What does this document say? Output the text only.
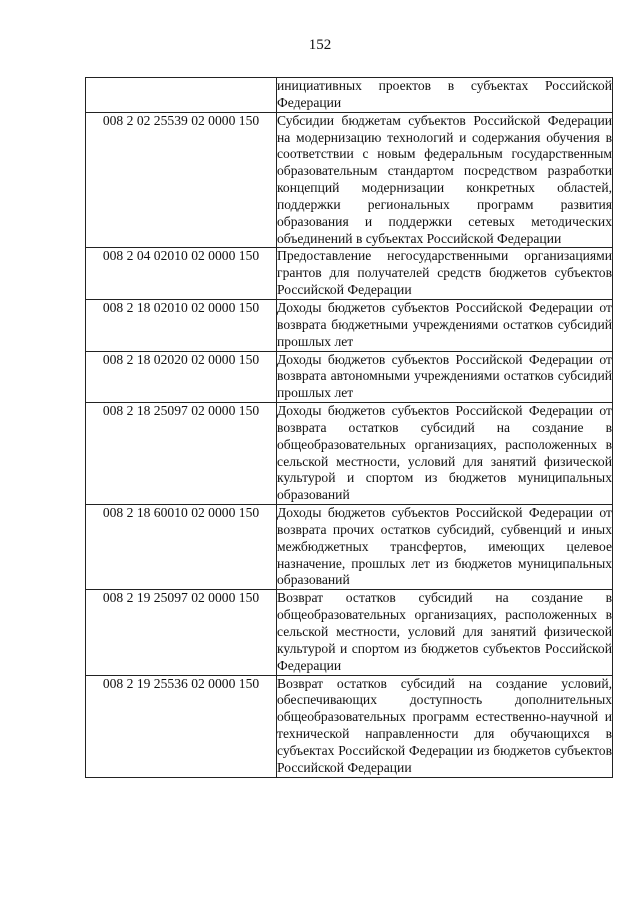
152
	инициативных проектов в субъектах Российской Федерации
008 2 02 25539 02 0000 150	Субсидии бюджетам субъектов Российской Федерации на модернизацию технологий и содержания обучения в соответствии с новым федеральным государственным образовательным стандартом посредством разработки концепций модернизации конкретных областей, поддержки региональных программ развития образования и поддержки сетевых методических объединений в субъектах Российской Федерации
008 2 04 02010 02 0000 150	Предоставление негосударственными организациями грантов для получателей средств бюджетов субъектов Российской Федерации
008 2 18 02010 02 0000 150	Доходы бюджетов субъектов Российской Федерации от возврата бюджетными учреждениями остатков субсидий прошлых лет
008 2 18 02020 02 0000 150	Доходы бюджетов субъектов Российской Федерации от возврата автономными учреждениями остатков субсидий прошлых лет
008 2 18 25097 02 0000 150	Доходы бюджетов субъектов Российской Федерации от возврата остатков субсидий на создание в общеобразовательных организациях, расположенных в сельской местности, условий для занятий физической культурой и спортом из бюджетов муниципальных образований
008 2 18 60010 02 0000 150	Доходы бюджетов субъектов Российской Федерации от возврата прочих остатков субсидий, субвенций и иных межбюджетных трансфертов, имеющих целевое назначение, прошлых лет из бюджетов муниципальных образований
008 2 19 25097 02 0000 150	Возврат остатков субсидий на создание в общеобразовательных организациях, расположенных в сельской местности, условий для занятий физической культурой и спортом из бюджетов субъектов Российской Федерации
008 2 19 25536 02 0000 150	Возврат остатков субсидий на создание условий, обеспечивающих доступность дополнительных общеобразовательных программ естественно-научной и технической направленности для обучающихся в субъектах Российской Федерации из бюджетов субъектов Российской Федерации
